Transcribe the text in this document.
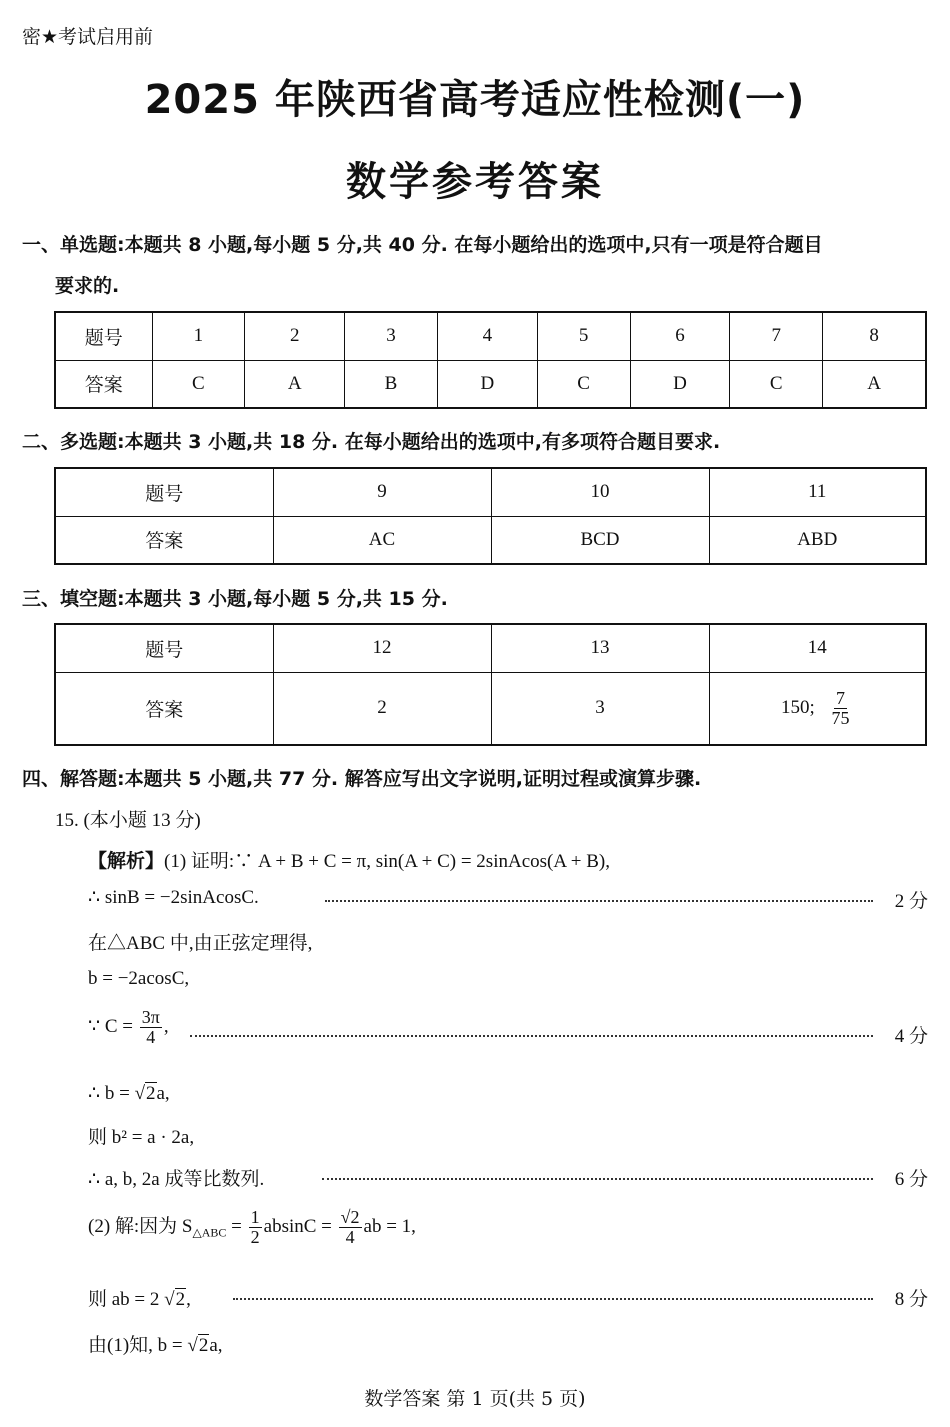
密★考试启用前
2025 年陕西省高考适应性检测(一)
数学参考答案
一、单选题:本题共 8 小题,每小题 5 分,共 40 分. 在每小题给出的选项中,只有一项是符合题目
要求的.
题号	1	2	3	4	5	6	7	8
答案	C	A	B	D	C	D	C	A
二、多选题:本题共 3 小题,共 18 分. 在每小题给出的选项中,有多项符合题目要求.
题号	9	10	11
答案	AC	BCD	ABD
三、填空题:本题共 3 小题,每小题 5 分,共 15 分.
题号	12	13	14
答案	2	3	150; $\frac{7}{75}$
四、解答题:本题共 5 小题,共 77 分. 解答应写出文字说明,证明过程或演算步骤.
15. (本小题 13 分)
【解析】(1) 证明:∵ A + B + C = π, sin(A + C) = 2sinAcos(A + B),
∴ sinB = −2sinAcosC.	2 分
在△ABC 中,由正弦定理得,
b = −2acosC,
∵ $C = \frac{3\pi}{4}$ ,	4 分
∴ b = √2a,
则 b² = a · 2a,
∴ a, b, 2a 成等比数列.	6 分
(2) 解:因为 $S_{\triangle ABC} = \frac{1}{2}$ $absinC = \frac{√2}{4}$ ab = 1,
则 ab = 2 √2,	8 分
由(1)知, b = √2a,
数学答案 第 1 页(共 5 页)
